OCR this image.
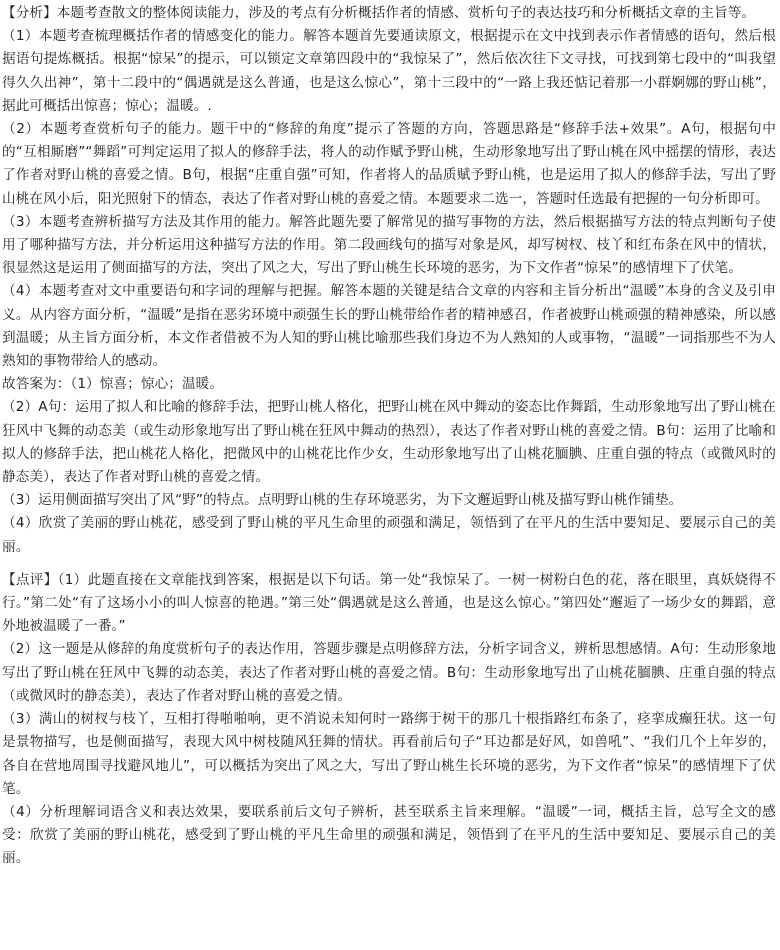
【分析】本题考查散文的整体阅读能力，涉及的考点有分析概括作者的情感、赏析句子的表达技巧和分析概括文章的主旨等。

（1）本题考查梳理概括作者的情感变化的能力。解答本题首先要通读原文，根据提示在文中找到表示作者情感的语句，然后根据语句提炼概括。根据“惊呆”的提示，可以锁定文章第四段中的“我惊呆了”，然后依次往下文寻找，可找到第七段中的“叫我望得久久出神”，第十二段中的“偶遇就是这么普通，也是这么惊心”，第十三段中的“一路上我还惦记着那一小群婀娜的野山桃”，据此可概括出惊喜；惊心；温暖。.

（2）本题考查赏析句子的能力。题干中的“修辞的角度”提示了答题的方向，答题思路是“修辞手法+效果”。A句，根据句中的“互相厮磨”“舞蹈”可判定运用了拟人的修辞手法，将人的动作赋予野山桃，生动形象地写出了野山桃在风中摇摆的情形，表达了作者对野山桃的喜爱之情。B句，根据“庄重自强”可知，作者将人的品质赋予野山桃，也是运用了拟人的修辞手法，写出了野山桃在风小后，阳光照射下的情态，表达了作者对野山桃的喜爱之情。本题要求二选一，答题时任选最有把握的一句分析即可。

（3）本题考查辨析描写方法及其作用的能力。解答此题先要了解常见的描写事物的方法，然后根据描写方法的特点判断句子使用了哪种描写方法，并分析运用这种描写方法的作用。第二段画线句的描写对象是风，却写树杈、枝丫和红布条在风中的情状，很显然这是运用了侧面描写的方法，突出了风之大，写出了野山桃生长环境的恶劣，为下文作者“惊呆”的感情埋下了伏笔。

（4）本题考查对文中重要语句和字词的理解与把握。解答本题的关键是结合文章的内容和主旨分析出“温暖”本身的含义及引申义。从内容方面分析，“温暖”是指在恶劣环境中顽强生长的野山桃带给作者的精神感召，作者被野山桃顽强的精神感染，所以感到温暖；从主旨方面分析，本文作者借被不为人知的野山桃比喻那些我们身边不为人熟知的人或事物，“温暖”一词指那些不为人熟知的事物带给人的感动。

故答案为：（1）惊喜；惊心；温暖。

（2）A句：运用了拟人和比喻的修辞手法，把野山桃人格化，把野山桃在风中舞动的姿态比作舞蹈，生动形象地写出了野山桃在狂风中飞舞的动态美（或生动形象地写出了野山桃在狂风中舞动的热烈），表达了作者对野山桃的喜爱之情。B句：运用了比喻和拟人的修辞手法，把山桃花人格化，把微风中的山桃花比作少女，生动形象地写出了山桃花腼腆、庄重自强的特点（或微风时的静态美），表达了作者对野山桃的喜爱之情。

（3）运用侧面描写突出了风“野”的特点。点明野山桃的生存环境恶劣，为下文邂逅野山桃及描写野山桃作铺垫。

（4）欣赏了美丽的野山桃花，感受到了野山桃的平凡生命里的顽强和满足，领悟到了在平凡的生活中要知足、要展示自己的美丽。

【点评】（1）此题直接在文章能找到答案，根据是以下句话。第一处“我惊呆了。一树一树粉白色的花，落在眼里，真妖娆得不行。”第二处“有了这场小小的叫人惊喜的艳遇。”第三处“偶遇就是这么普通，也是这么惊心。”第四处“邂逅了一场少女的舞蹈，意外地被温暖了一番。”

（2）这一题是从修辞的角度赏析句子的表达作用，答题步骤是点明修辞方法，分析字词含义，辨析思想感情。A句：生动形象地写出了野山桃在狂风中飞舞的动态美，表达了作者对野山桃的喜爱之情。B句：生动形象地写出了山桃花腼腆、庄重自强的特点（或微风时的静态美），表达了作者对野山桃的喜爱之情。

（3）满山的树杈与枝丫，互相打得啪啪响，更不消说未知何时一路绑于树干的那几十根指路红布条了，痉挛成癫狂状。这一句是景物描写，也是侧面描写，表现大风中树枝随风狂舞的情状。再看前后句子“耳边都是好风，如兽吼”、“我们几个上年岁的，各自在营地周围寻找避风地儿”，可以概括为突出了风之大，写出了野山桃生长环境的恶劣，为下文作者“惊呆”的感情埋下了伏笔。

（4）分析理解词语含义和表达效果，要联系前后文句子辨析，甚至联系主旨来理解。“温暖”一词，概括主旨，总写全文的感受：欣赏了美丽的野山桃花，感受到了野山桃的平凡生命里的顽强和满足，领悟到了在平凡的生活中要知足、要展示自己的美丽。
